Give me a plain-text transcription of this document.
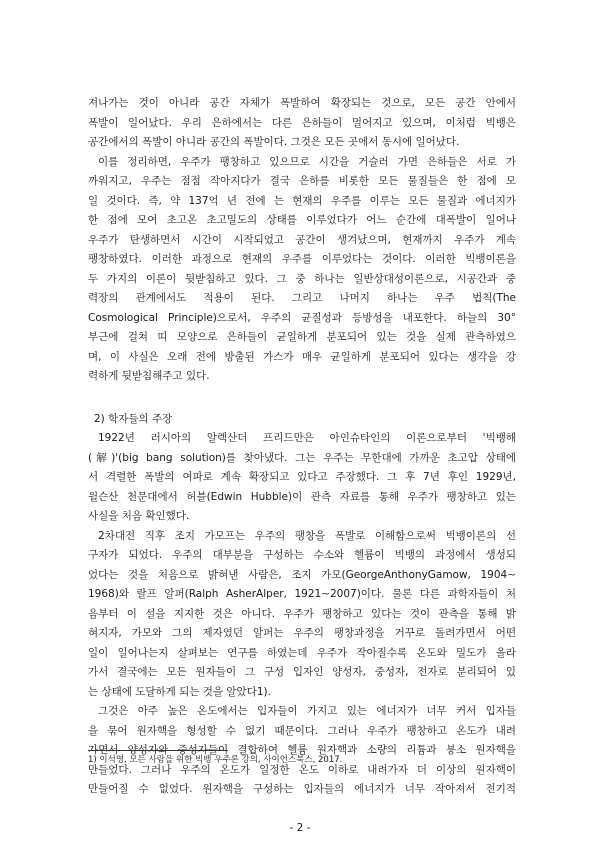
져나가는 것이 아니라 공간 자체가 폭발하여 확장되는 것으로, 모든 공간 안에서
폭발이 일어났다. 우리 은하에서는 다른 은하들이 멀어지고 있으며, 이처럼 빅뱅은
공간에서의 폭발이 아니라 공간의 폭발이다. 그것은 모든 곳에서 동시에 일어났다.
이를 정리하면, 우주가 팽창하고 있으므로 시간을 거슬러 가면 은하들은 서로 가
까워지고, 우주는 점점 작아지다가 결국 은하를 비롯한 모든 물질들은 한 점에 모
일 것이다. 즉, 약 137억 년 전에 는 현재의 우주를 이루는 모든 물질과 에너지가
한 점에 모여 초고온 초고밀도의 상태를 이루었다가 어느 순간에 대폭발이 일어나
우주가 탄생하면서 시간이 시작되었고 공간이 생겨났으며, 현재까지 우주가 계속
팽창하였다. 이러한 과정으로 현재의 우주를 이루었다는 것이다. 이러한 빅뱅이론을
두 가지의 이론이 뒷받침하고 있다. 그 중 하나는 일반상대성이론으로, 시공간과 중
력장의 관계에서도 적용이 된다. 그리고 나머지 하나는 우주 법칙(The
Cosmological Principle)으로서, 우주의 균질성과 등방성을 내포한다. 하늘의 30°
부근에 걸쳐 띠 모양으로 은하들이 균일하게 분포되어 있는 것을 실제 관측하였으
며, 이 사실은 오래 전에 방출된 가스가 매우 균일하게 분포되어 있다는 생각을 강
력하게 뒷받침해주고 있다.
2) 학자들의 주장
1922년 러시아의 알렉산더 프리드만은 아인슈타인의 이론으로부터 '빅뱅해
(解)'(big bang solution)를 찾아냈다. 그는 우주는 무한대에 가까운 초고압 상태에
서 격렬한 폭발의 여파로 계속 확장되고 있다고 주장했다. 그 후 7년 후인 1929년,
윌슨산 천문대에서 허블(Edwin Hubble)이 관측 자료를 통해 우주가 팽창하고 있는
사실을 처음 확인했다.
2차대전 직후 조지 가모프는 우주의 팽창을 폭발로 이해함으로써 빅뱅이론의 선
구자가 되었다. 우주의 대부분을 구성하는 수소와 헬륨이 빅뱅의 과정에서 생성되
었다는 것을 처음으로 밝혀낸 사람은, 조지 가모(GeorgeAnthonyGamow, 1904∼
1968)와 랄프 알퍼(Ralph AsherAlper, 1921∼2007)이다. 물론 다른 과학자들이 처
음부터 이 설을 지지한 것은 아니다. 우주가 팽창하고 있다는 것이 관측을 통해 밝
혀지자, 가모와 그의 제자였던 알퍼는 우주의 팽창과정을 거꾸로 돌려가면서 어떤
일이 일어나는지 살펴보는 연구를 하였는데 우주가 작아질수록 온도와 밀도가 올라
가서 결국에는 모든 원자들이 그 구성 입자인 양성자, 중성자, 전자로 분리되어 있
는 상태에 도달하게 되는 것을 알았다1).
그것은 아주 높은 온도에서는 입자들이 가지고 있는 에너지가 너무 커서 입자들
을 묶어 원자핵을 형성할 수 없기 때문이다. 그러나 우주가 팽창하고 온도가 내려
가면서 양성자와 중성자들이 결합하여 헬륨 원자핵과 소량의 리튬과 붕소 원자핵을
만들었다. 그러나 우주의 온도가 일정한 온도 이하로 내려가자 더 이상의 원자핵이
만들어질 수 없었다. 원자핵을 구성하는 입자들의 에너지가 너무 작아져서 전기적
1) 이석영, 모든 사람을 위한 빅뱅 우주론 강의, 사이언스북스, 2017.
- 2 -
